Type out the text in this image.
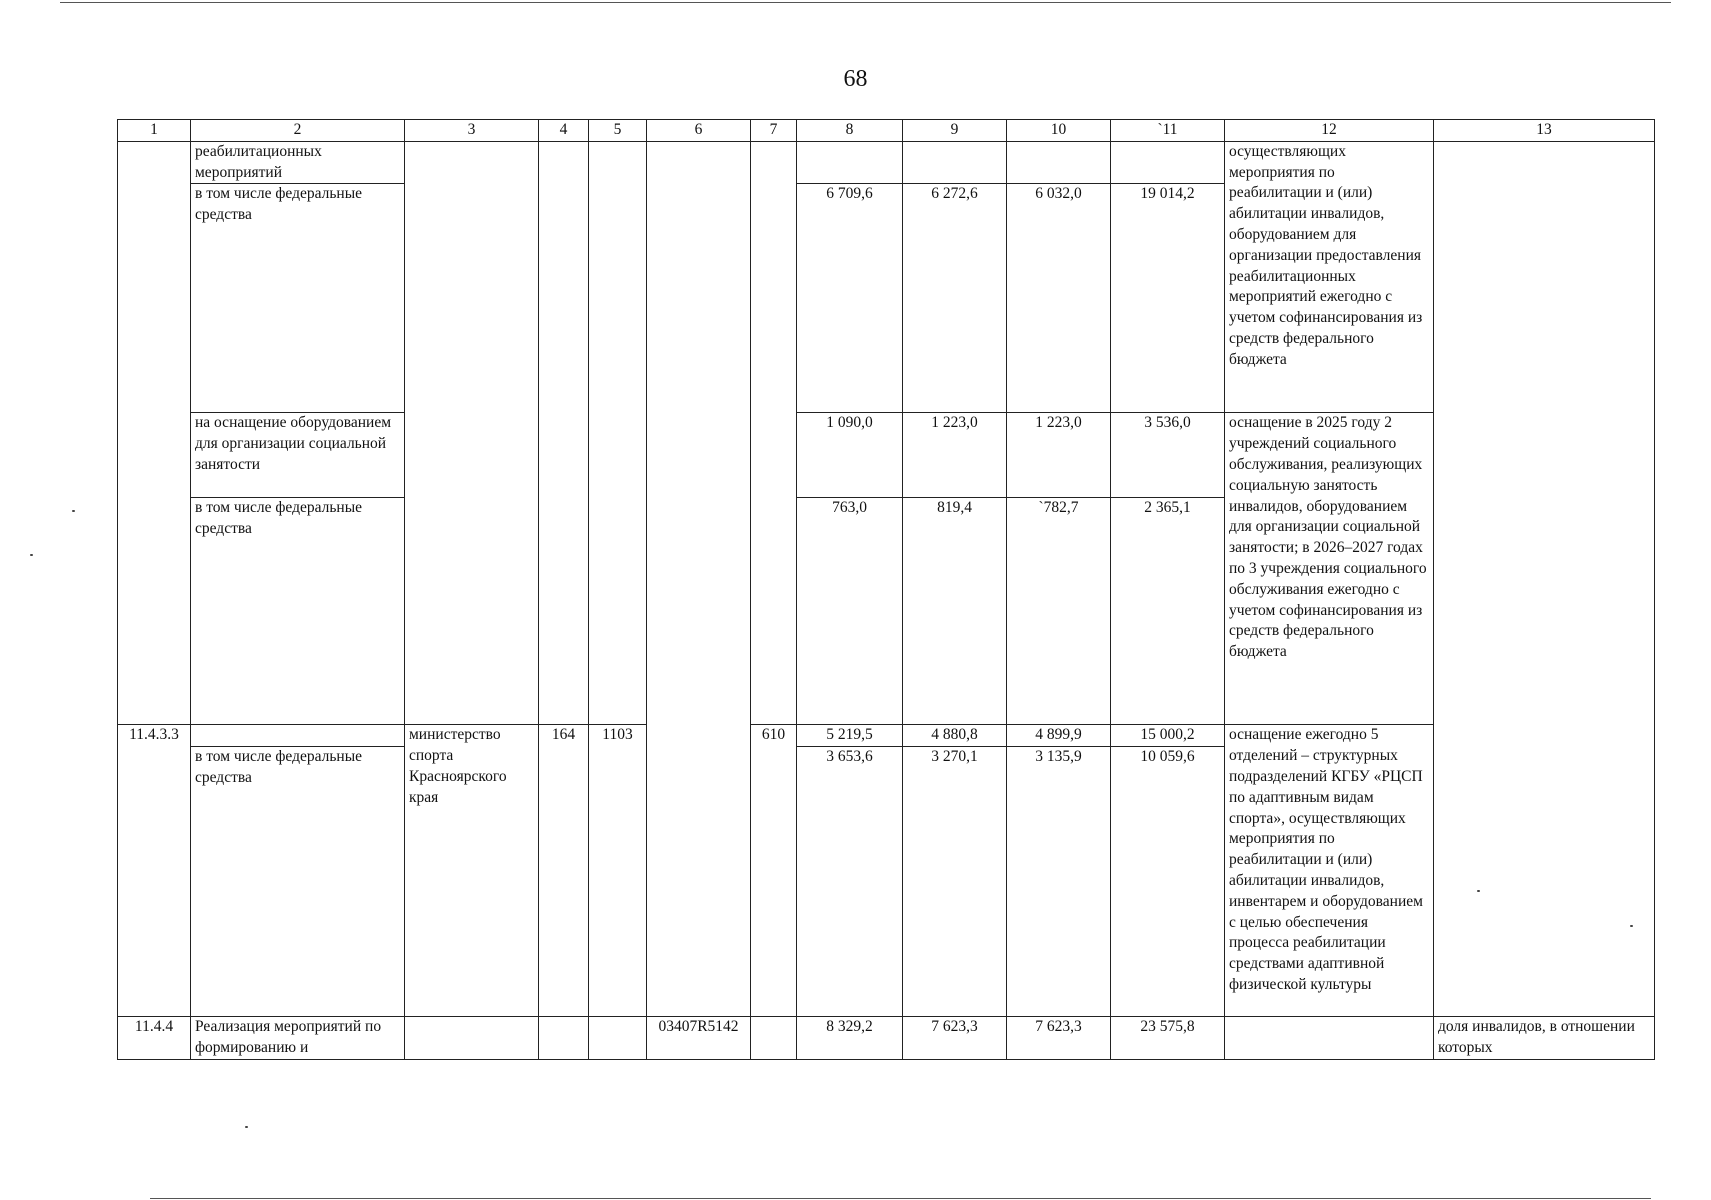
68
1	2	3	4	5	6	7	8	9	10	`11	12	13
	реабилитационных мероприятий										осуществляющих мероприятия по реабилитации и (или) абилитации инвалидов, оборудованием для организации предоставления реабилитационных мероприятий ежегодно с учетом софинансирования из средств федерального бюджета	
	в том числе федеральные средства						6 709,6	6 272,6	6 032,0	19 014,2		
	на оснащение оборудованием для организации социальной занятости						1 090,0	1 223,0	1 223,0	3 536,0	оснащение в 2025 году 2 учреждений социального обслуживания, реализующих социальную занятость инвалидов, оборудованием для организации социальной занятости; в 2026–2027 годах по 3 учреждения социального обслуживания ежегодно с учетом софинансирования из средств федерального бюджета	
	в том числе федеральные средства						763,0	819,4	`782,7	2 365,1		
11.4.3.3		министерство спорта Красноярского края	164	1103		610	5 219,5	4 880,8	4 899,9	15 000,2	оснащение ежегодно 5 отделений – структурных подразделений КГБУ «РЦСП по адаптивным видам спорта», осуществляющих мероприятия по реабилитации и (или) абилитации инвалидов, инвентарем и оборудованием с целью обеспечения процесса реабилитации средствами адаптивной физической культуры	
	в том числе федеральные средства						3 653,6	3 270,1	3 135,9	10 059,6		
11.4.4	Реализация мероприятий по формированию и				03407R5142		8 329,2	7 623,3	7 623,3	23 575,8		доля инвалидов, в отношении которых
